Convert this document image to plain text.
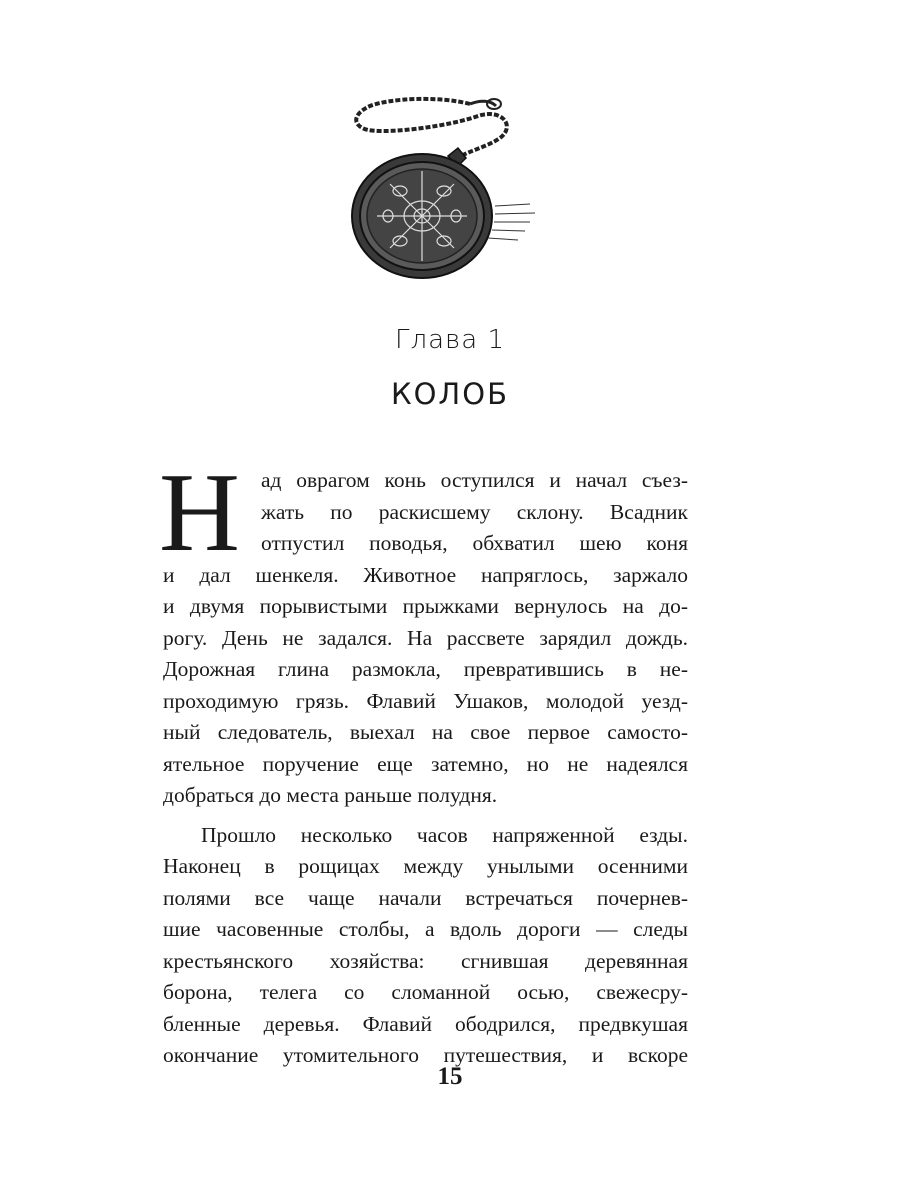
Глава 1
КОЛОБ
Н ад оврагом конь оступился и начал съез-
жать по раскисшему склону. Всадник
отпустил поводья, обхватил шею коня
и дал шенкеля. Животное напряглось, заржало
и двумя порывистыми прыжками вернулось на до-
рогу. День не задался. На рассвете зарядил дождь.
Дорожная глина размокла, превратившись в не-
проходимую грязь. Флавий Ушаков, молодой уезд-
ный следователь, выехал на свое первое самосто-
ятельное поручение еще затемно, но не надеялся
добраться до места раньше полудня.
Прошло несколько часов напряженной езды.
Наконец в рощицах между унылыми осенними
полями все чаще начали встречаться почернев-
шие часовенные столбы, а вдоль дороги — следы
крестьянского хозяйства: сгнившая деревянная
борона, телега со сломанной осью, свежесру-
бленные деревья. Флавий ободрился, предвкушая
окончание утомительного путешествия, и вскоре
15
